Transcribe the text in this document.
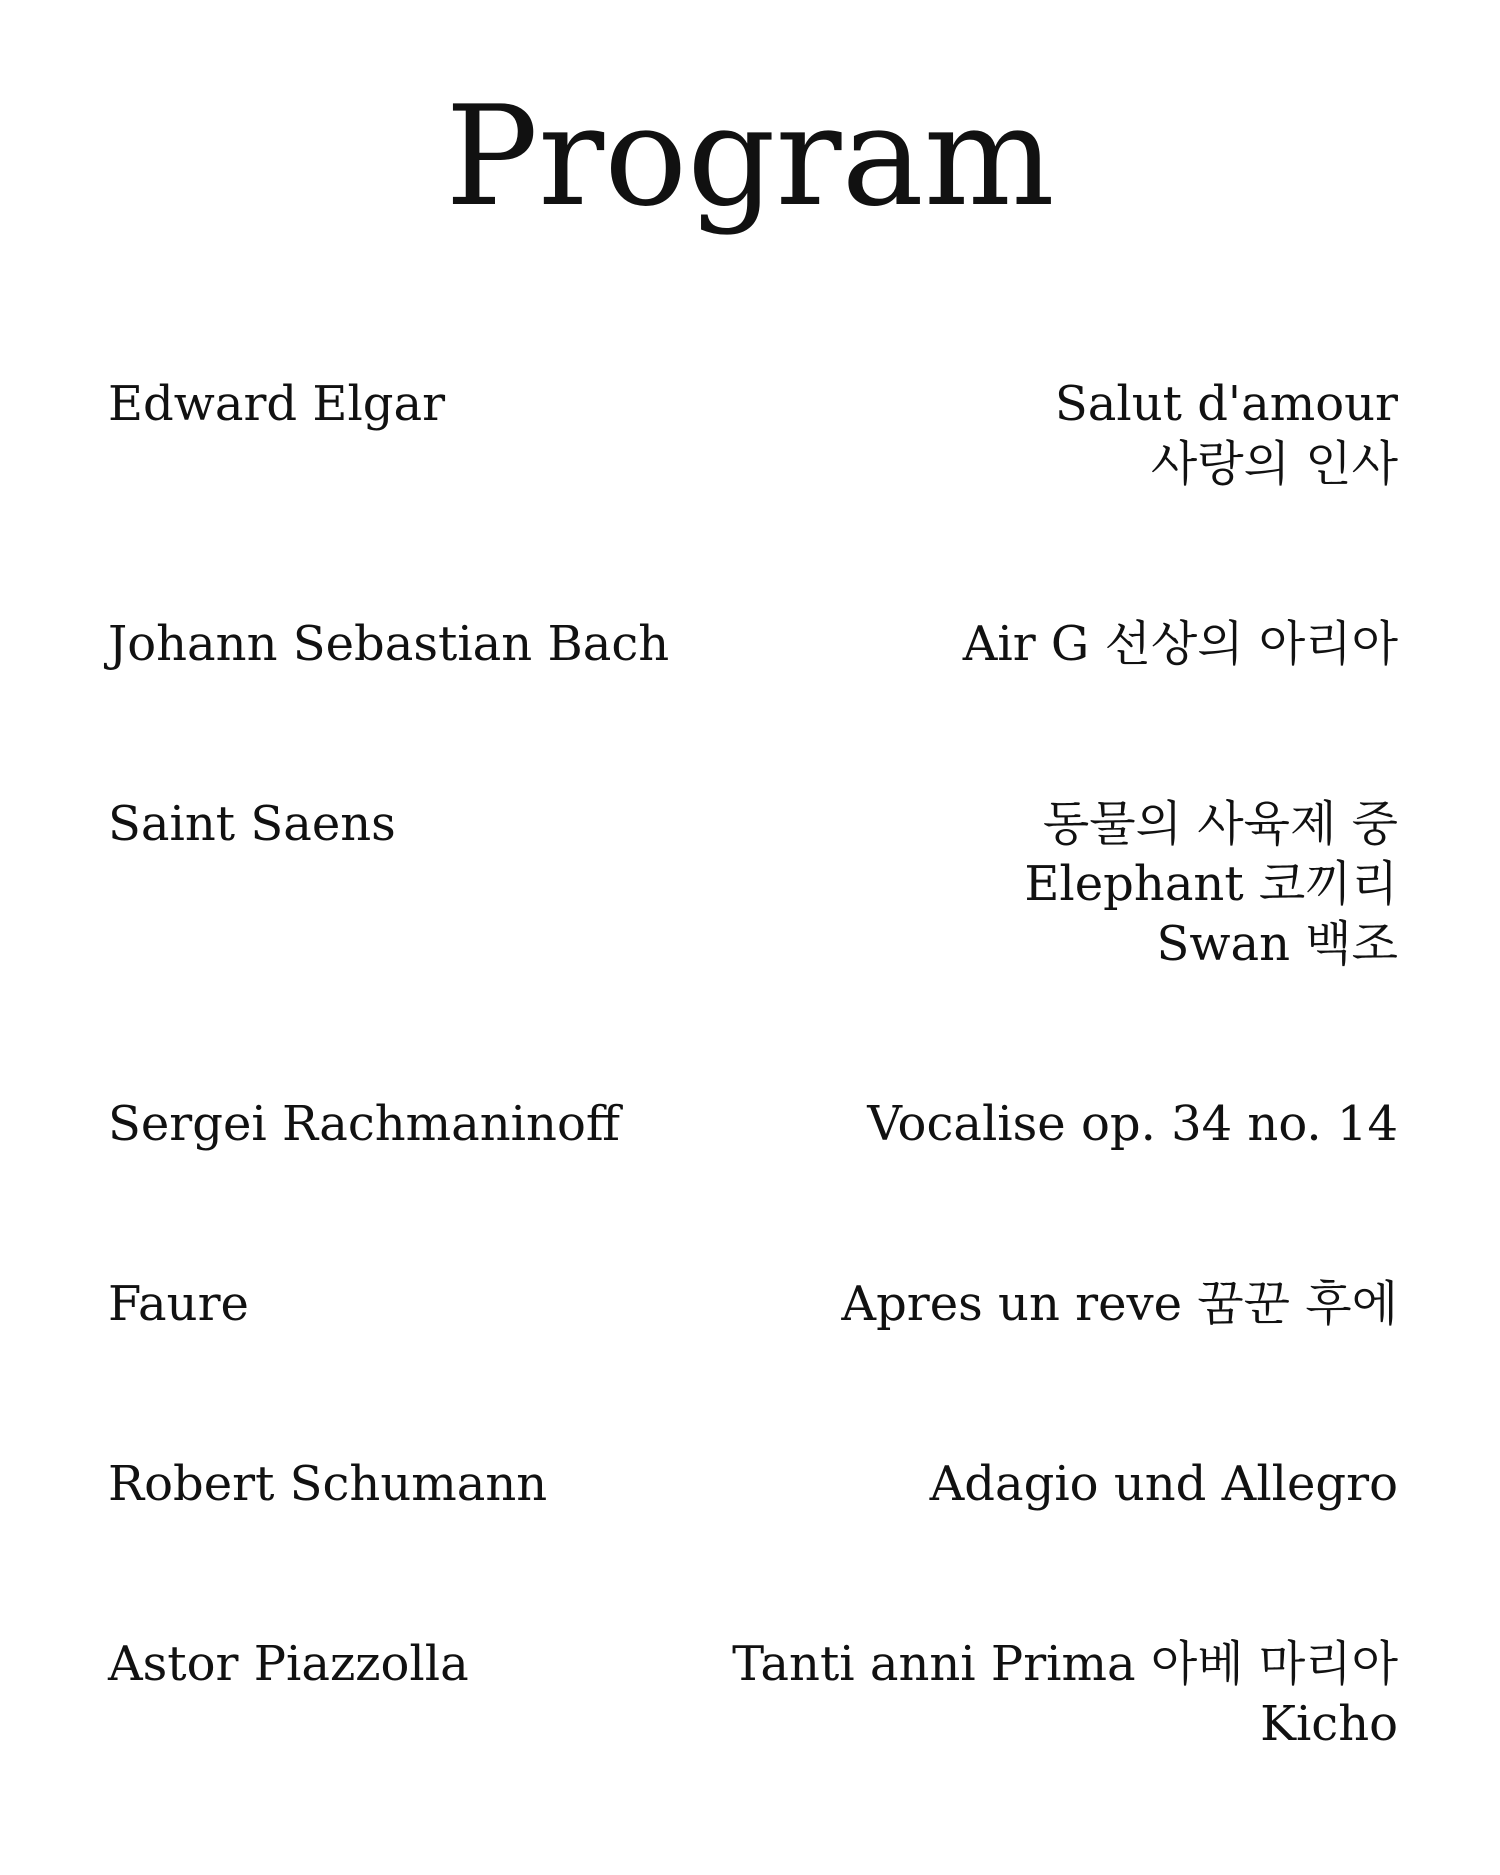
Program
Edward Elgar	Salut d'amour
사랑의 인사
Johann Sebastian Bach	Air G 선상의 아리아
Saint Saens	동물의 사육제 중
Elephant 코끼리
Swan 백조
Sergei Rachmaninoff	Vocalise op. 34 no. 14
Faure	Apres un reve 꿈꾼 후에
Robert Schumann	Adagio und Allegro
Astor Piazzolla	Tanti anni Prima 아베 마리아
Kicho
